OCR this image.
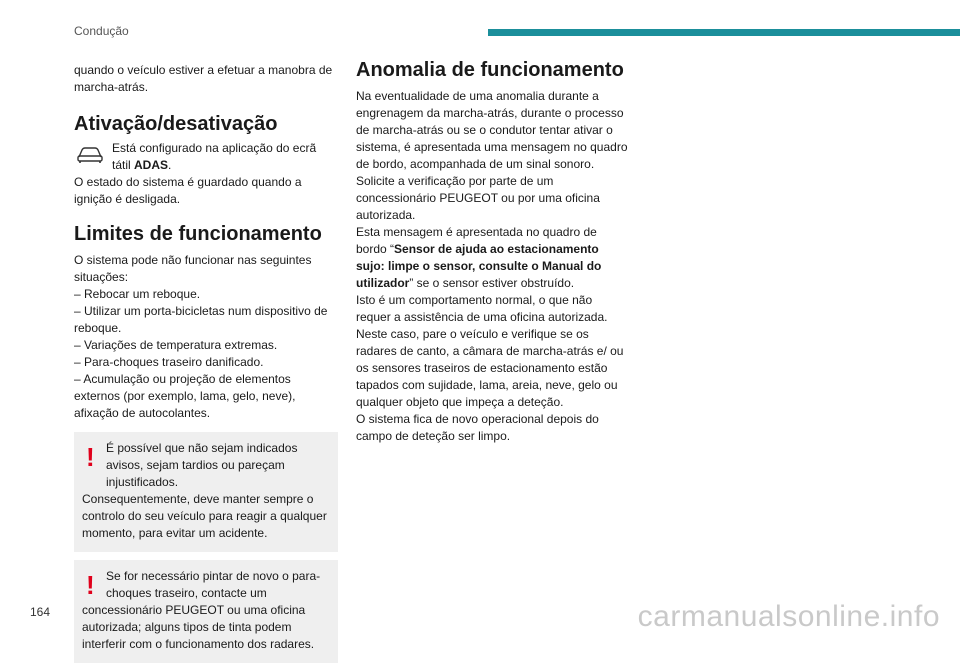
Condução

quando o veículo estiver a efetuar a manobra de marcha-atrás.

Ativação/desativação

Está configurado na aplicação do ecrã tátil ADAS.

O estado do sistema é guardado quando a ignição é desligada.

Limites de funcionamento

O sistema pode não funcionar nas seguintes situações:

– Rebocar um reboque.

– Utilizar um porta-bicicletas num dispositivo de reboque.

– Variações de temperatura extremas.

– Para-choques traseiro danificado.

– Acumulação ou projeção de elementos externos (por exemplo, lama, gelo, neve), afixação de autocolantes.

! É possível que não sejam indicados avisos, sejam tardios ou pareçam injustificados.

Consequentemente, deve manter sempre o controlo do seu veículo para reagir a qualquer momento, para evitar um acidente.

! Se for necessário pintar de novo o para-choques traseiro, contacte um

concessionário PEUGEOT ou uma oficina autorizada; alguns tipos de tinta podem interferir com o funcionamento dos radares.

Anomalia de funcionamento

Na eventualidade de uma anomalia durante a engrenagem da marcha-atrás, durante o processo de marcha-atrás ou se o condutor tentar ativar o sistema, é apresentada uma mensagem no quadro de bordo, acompanhada de um sinal sonoro.

Solicite a verificação por parte de um concessionário PEUGEOT ou por uma oficina autorizada.

Esta mensagem é apresentada no quadro de bordo “Sensor de ajuda ao estacionamento sujo: limpe o sensor, consulte o Manual do utilizador” se o sensor estiver obstruído.

Isto é um comportamento normal, o que não requer a assistência de uma oficina autorizada.

Neste caso, pare o veículo e verifique se os radares de canto, a câmara de marcha-atrás e/ ou os sensores traseiros de estacionamento estão tapados com sujidade, lama, areia, neve, gelo ou qualquer objeto que impeça a deteção.

O sistema fica de novo operacional depois do campo de deteção ser limpo.

164	carmanualsonline.info
